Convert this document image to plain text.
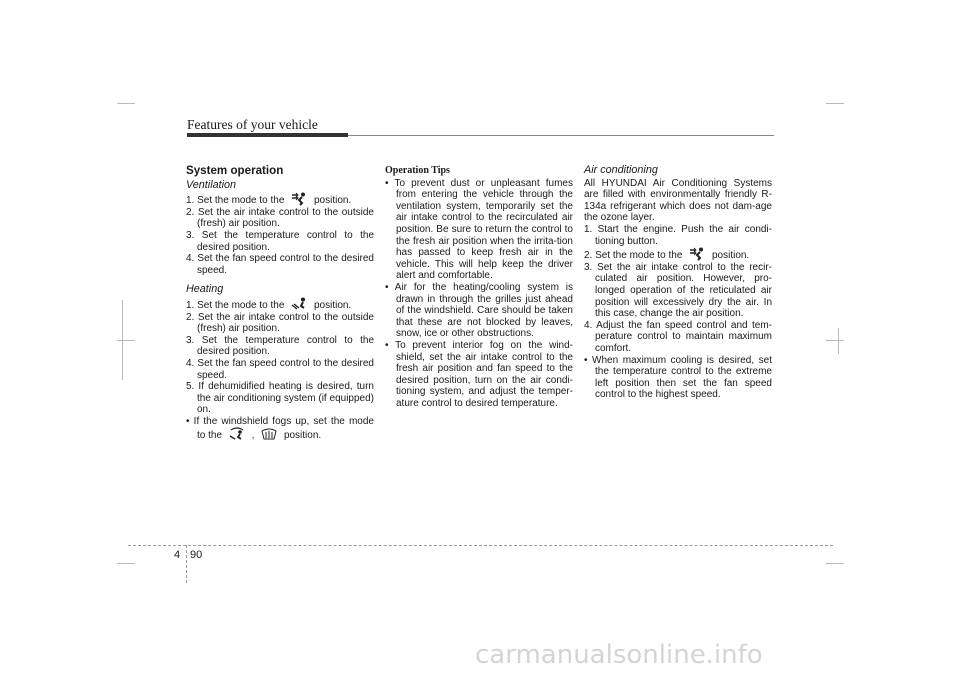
Features of your vehicle
System operation
Ventilation
1. Set the mode to the	position.
2. Set the air intake control to the outside (fresh) air position.
3. Set the temperature control to the desired position.
4. Set the fan speed control to the desired speed.
Heating
1. Set the mode to the	position.
2. Set the air intake control to the outside (fresh) air position.
3. Set the temperature control to the desired position.
4. Set the fan speed control to the desired speed.
5. If dehumidified heating is desired, turn the air conditioning system (if equipped) on.
• If the windshield fogs up, set the mode to the	,	position.
Operation Tips
• To prevent dust or unpleasant fumes from entering the vehicle through the ventilation system, temporarily set the air intake control to the recirculated air position. Be sure to return the control to the fresh air position when the irrita-tion has passed to keep fresh air in the vehicle. This will help keep the driver alert and comfortable.
• Air for the heating/cooling system is drawn in through the grilles just ahead of the windshield. Care should be taken that these are not blocked by leaves, snow, ice or other obstructions.
• To prevent interior fog on the wind-shield, set the air intake control to the fresh air position and fan speed to the desired position, turn on the air condi-tioning system, and adjust the temper-ature control to desired temperature.
Air conditioning
All HYUNDAI Air Conditioning Systems are filled with environmentally friendly R-134a refrigerant which does not dam-age the ozone layer.
1. Start the engine. Push the air condi-tioning button.
2. Set the mode to the	position.
3. Set the air intake control to the recir-culated air position. However, pro-longed operation of the reticulated air position will excessively dry the air. In this case, change the air position.
4. Adjust the fan speed control and tem-perature control to maintain maximum comfort.
• When maximum cooling is desired, set the temperature control to the extreme left position then set the fan speed control to the highest speed.
4 90
carmanualsonline.info
